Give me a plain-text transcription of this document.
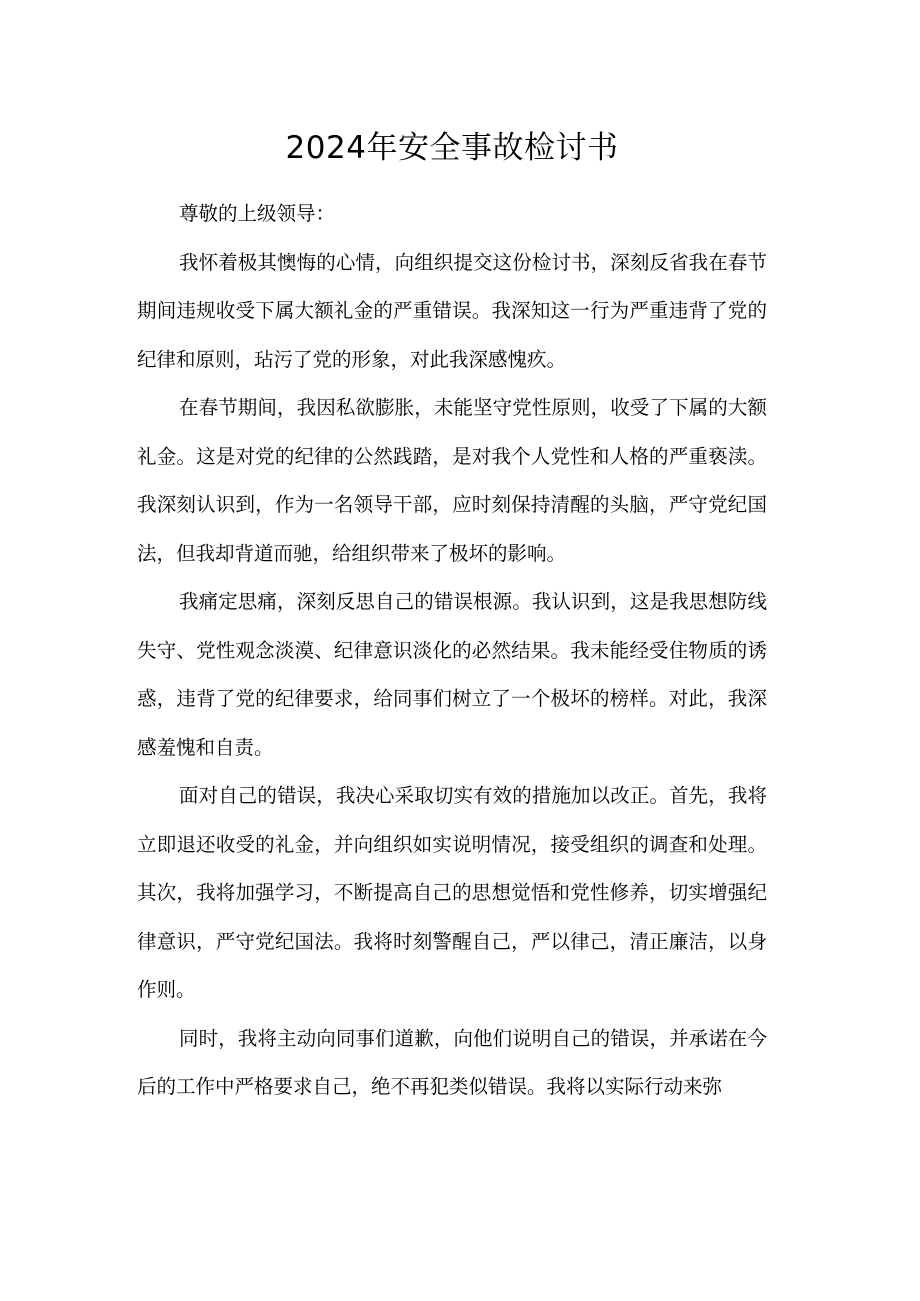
2024年安全事故检讨书

尊敬的上级领导：

我怀着极其懊悔的心情，向组织提交这份检讨书，深刻反省我在春节期间违规收受下属大额礼金的严重错误。我深知这一行为严重违背了党的纪律和原则，玷污了党的形象，对此我深感愧疚。

在春节期间，我因私欲膨胀，未能坚守党性原则，收受了下属的大额礼金。这是对党的纪律的公然践踏，是对我个人党性和人格的严重亵渎。我深刻认识到，作为一名领导干部，应时刻保持清醒的头脑，严守党纪国法，但我却背道而驰，给组织带来了极坏的影响。

我痛定思痛，深刻反思自己的错误根源。我认识到，这是我思想防线失守、党性观念淡漠、纪律意识淡化的必然结果。我未能经受住物质的诱惑，违背了党的纪律要求，给同事们树立了一个极坏的榜样。对此，我深感羞愧和自责。

面对自己的错误，我决心采取切实有效的措施加以改正。首先，我将立即退还收受的礼金，并向组织如实说明情况，接受组织的调查和处理。其次，我将加强学习，不断提高自己的思想觉悟和党性修养，切实增强纪律意识，严守党纪国法。我将时刻警醒自己，严以律己，清正廉洁，以身作则。

同时，我将主动向同事们道歉，向他们说明自己的错误，并承诺在今后的工作中严格要求自己，绝不再犯类似错误。我将以实际行动来弥
